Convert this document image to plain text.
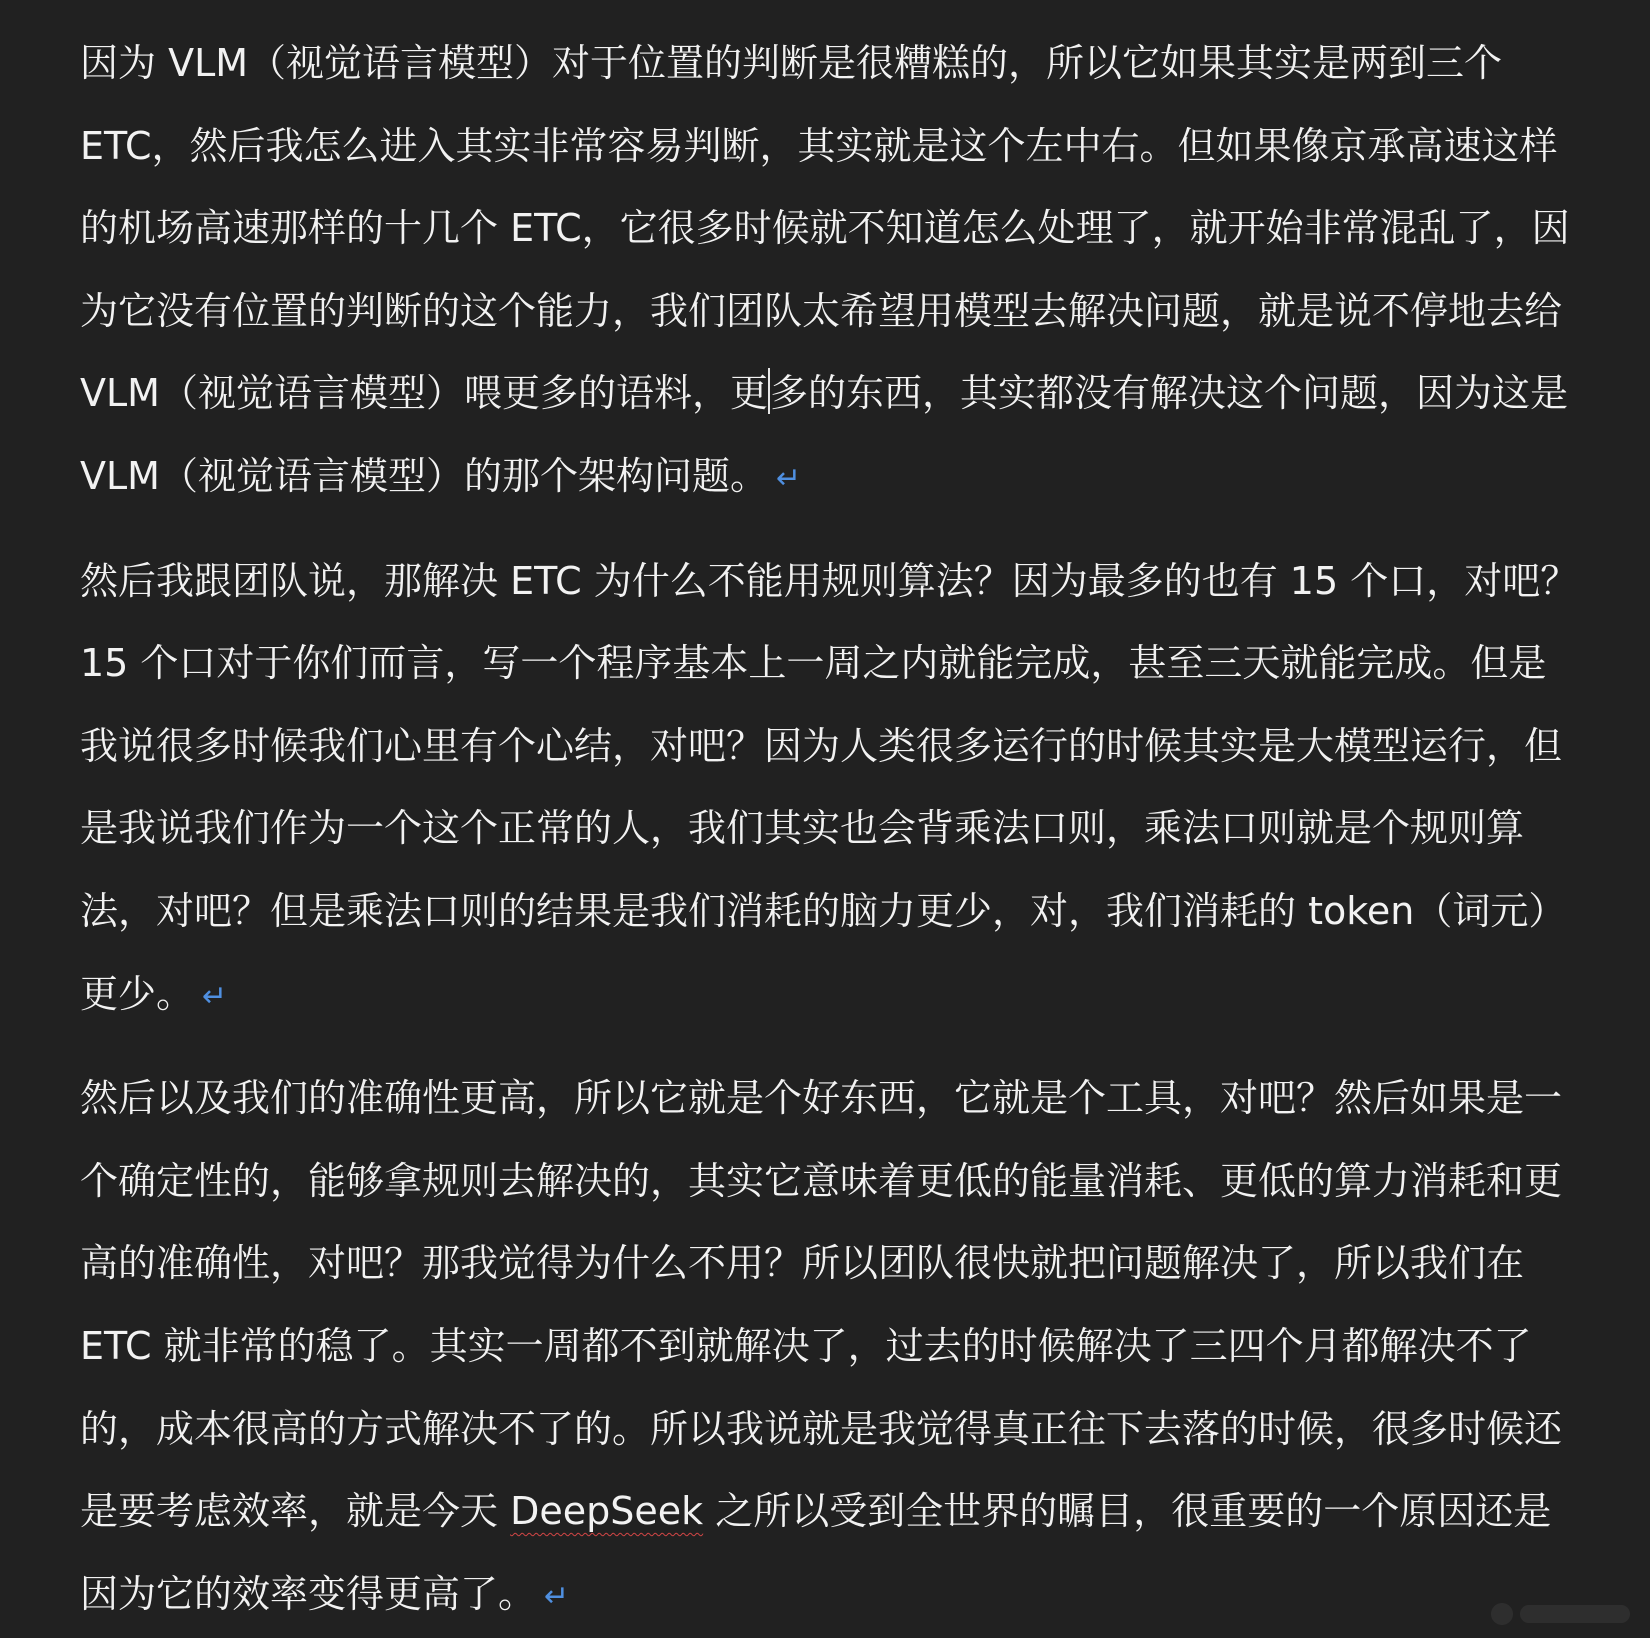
因为 VLM（视觉语言模型）对于位置的判断是很糟糕的，所以它如果其实是两到三个 ETC，然后我怎么进入其实非常容易判断，其实就是这个左中右。但如果像京承高速这样的机场高速那样的十几个 ETC，它很多时候就不知道怎么处理了，就开始非常混乱了，因为它没有位置的判断的这个能力，我们团队太希望用模型去解决问题，就是说不停地去给 VLM（视觉语言模型）喂更多的语料，更多的东西，其实都没有解决这个问题，因为这是 VLM（视觉语言模型）的那个架构问题。 ↵

然后我跟团队说，那解决 ETC 为什么不能用规则算法？因为最多的也有 15 个口，对吧？ 15 个口对于你们而言，写一个程序基本上一周之内就能完成，甚至三天就能完成。但是我说很多时候我们心里有个心结，对吧？因为人类很多运行的时候其实是大模型运行，但是我说我们作为一个这个正常的人，我们其实也会背乘法口则，乘法口则就是个规则算法，对吧？但是乘法口则的结果是我们消耗的脑力更少，对，我们消耗的 token（词元）更少。 ↵

然后以及我们的准确性更高，所以它就是个好东西，它就是个工具，对吧？然后如果是一个确定性的，能够拿规则去解决的，其实它意味着更低的能量消耗、更低的算力消耗和更高的准确性，对吧？那我觉得为什么不用？所以团队很快就把问题解决了，所以我们在 ETC 就非常的稳了。其实一周都不到就解决了，过去的时候解决了三四个月都解决不了的，成本很高的方式解决不了的。所以我说就是我觉得真正往下去落的时候，很多时候还是要考虑效率，就是今天 DeepSeek 之所以受到全世界的瞩目，很重要的一个原因还是因为它的效率变得更高了。 ↵
